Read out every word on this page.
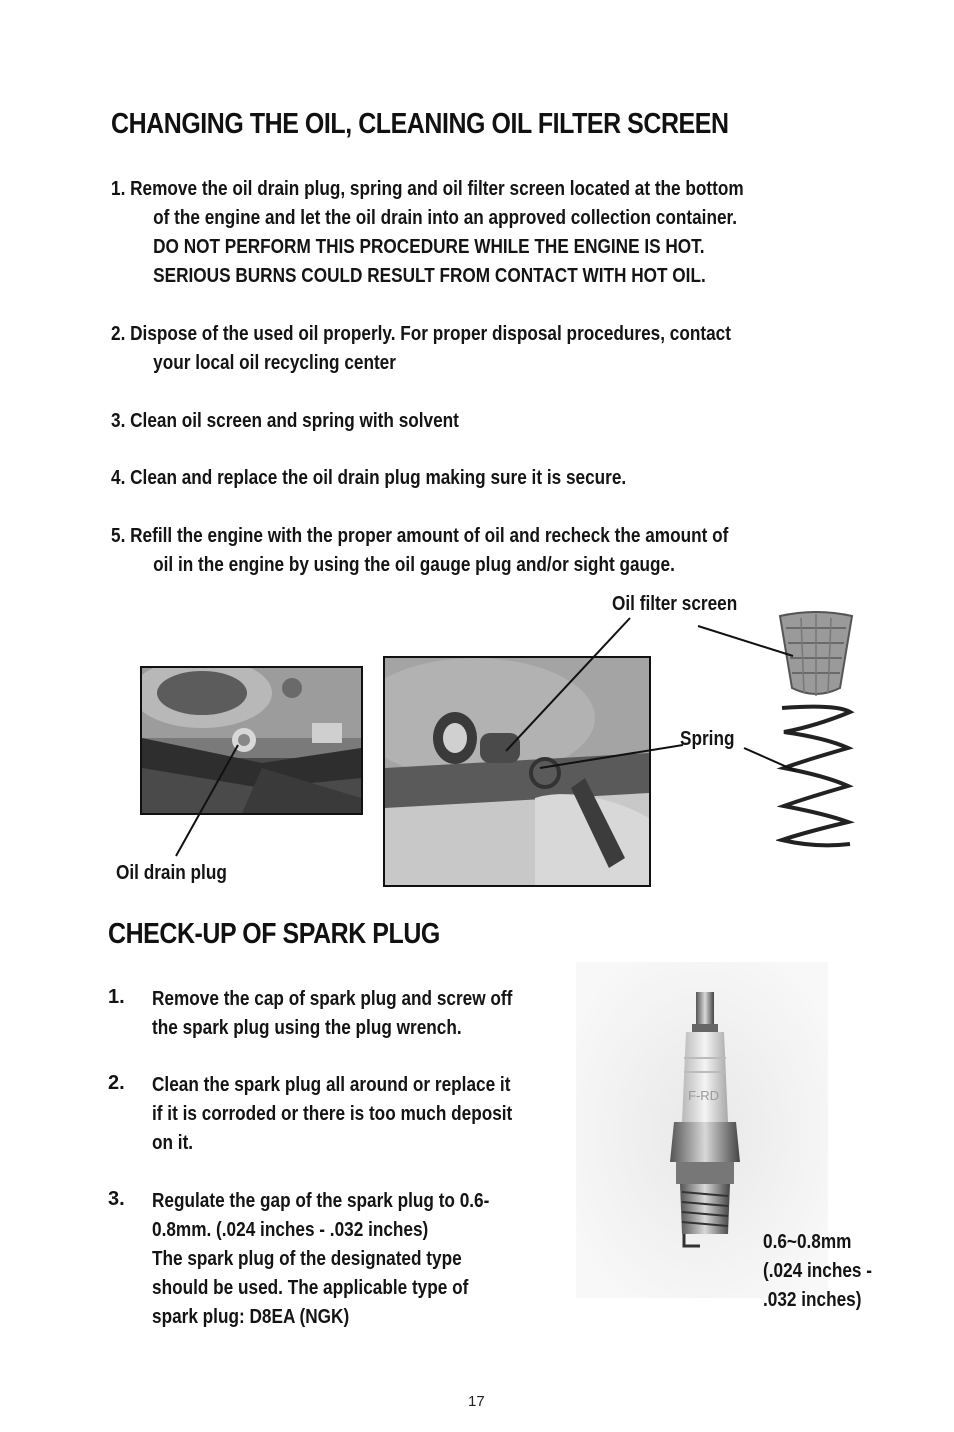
CHANGING THE OIL, CLEANING OIL FILTER SCREEN
1. Remove the oil drain plug, spring and oil filter screen located at the bottom
of the engine and let the oil drain into an approved collection container.
DO NOT PERFORM THIS PROCEDURE WHILE THE ENGINE IS HOT.
SERIOUS BURNS COULD RESULT FROM CONTACT WITH HOT OIL.
2. Dispose of the used oil properly. For proper disposal procedures, contact
your local oil recycling center
3. Clean oil screen and spring with solvent
4. Clean and replace the oil drain plug making sure it is secure.
5. Refill the engine with the proper amount of oil and recheck the amount of
oil in the engine by using the oil gauge plug and/or sight gauge.
Oil filter screen
Spring
Oil drain plug
CHECK-UP OF SPARK PLUG
1. Remove the cap of spark plug and screw off
the spark plug using the plug wrench.
2. Clean the spark plug all around or replace it
if it is corroded or there is too much deposit
on it.
3. Regulate the gap of the spark plug to 0.6-
0.8mm. (.024 inches - .032 inches)
The spark plug of the designated type
should be used. The applicable type of
spark plug: D8EA (NGK)
F-RD
0.6~0.8mm
(.024 inches -
.032 inches)
17
